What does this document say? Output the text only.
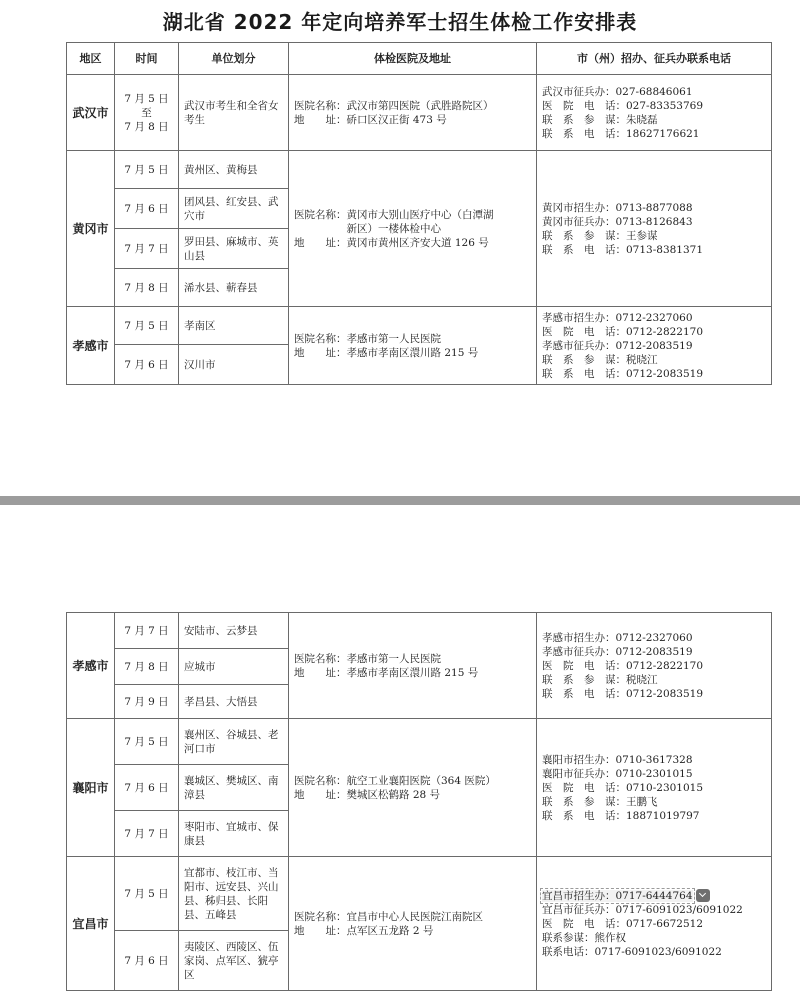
湖北省 2022 年定向培养军士招生体检工作安排表
地区	时间	单位划分	体检医院及地址	市（州）招办、征兵办联系电话
武汉市	7 月 5 日
至
7 月 8 日	武汉市考生和全省女考生	医院名称：武汉市第四医院（武胜路院区）
地　　址：硚口区汉正街 473 号	武汉市征兵办：027-68846061
医　院　电　话：027-83353769
联　系　参　谋：朱晓磊
联　系　电　话：18627176621

黄冈市	7 月 5 日	黄州区、黄梅县	医院名称：黄冈市大别山医疗中心（白潭湖
　　　　　新区）一楼体检中心
地　　址：黄冈市黄州区齐安大道 126 号	黄冈市招生办：0713-8877088
黄冈市征兵办：0713-8126843
联　系　参　谋：王参谋
联　系　电　话：0713-8381371

	7 月 6 日	团风县、红安县、武穴市		
	7 月 7 日	罗田县、麻城市、英山县		
	7 月 8 日	浠水县、蕲春县		
孝感市	7 月 5 日	孝南区	医院名称：孝感市第一人民医院
地　　址：孝感市孝南区澴川路 215 号	孝感市招生办：0712-2327060
医　院　电　话：0712-2822170
孝感市征兵办：0712-2083519
联　系　参　谋：税晓江
联　系　电　话：0712-2083519

	7 月 6 日	汉川市		
孝感市	7 月 7 日	安陆市、云梦县	医院名称：孝感市第一人民医院
地　　址：孝感市孝南区澴川路 215 号	孝感市招生办：0712-2327060
孝感市征兵办：0712-2083519
医　院　电　话：0712-2822170
联　系　参　谋：税晓江
联　系　电　话：0712-2083519

	7 月 8 日	应城市		
	7 月 9 日	孝昌县、大悟县		
襄阳市	7 月 5 日	襄州区、谷城县、老河口市	医院名称：航空工业襄阳医院（364 医院）
地　　址：樊城区松鹤路 28 号	襄阳市招生办：0710-3617328
襄阳市征兵办：0710-2301015
医　院　电　话：0710-2301015
联　系　参　谋：王鹏飞
联　系　电　话：18871019797

	7 月 6 日	襄城区、樊城区、南漳县		
	7 月 7 日	枣阳市、宜城市、保康县		
宜昌市	7 月 5 日	宜都市、枝江市、当阳市、远安县、兴山县、秭归县、长阳县、五峰县	医院名称：宜昌市中心人民医院江南院区
地　　址：点军区五龙路 2 号	宜昌市招生办：0717-6444764
宜昌市征兵办：0717-6091023/6091022
医　院　电　话：0717-6672512
联系参谋：熊作权
联系电话：0717-6091023/6091022

	7 月 6 日	夷陵区、西陵区、伍家岗、点军区、猇亭区		
